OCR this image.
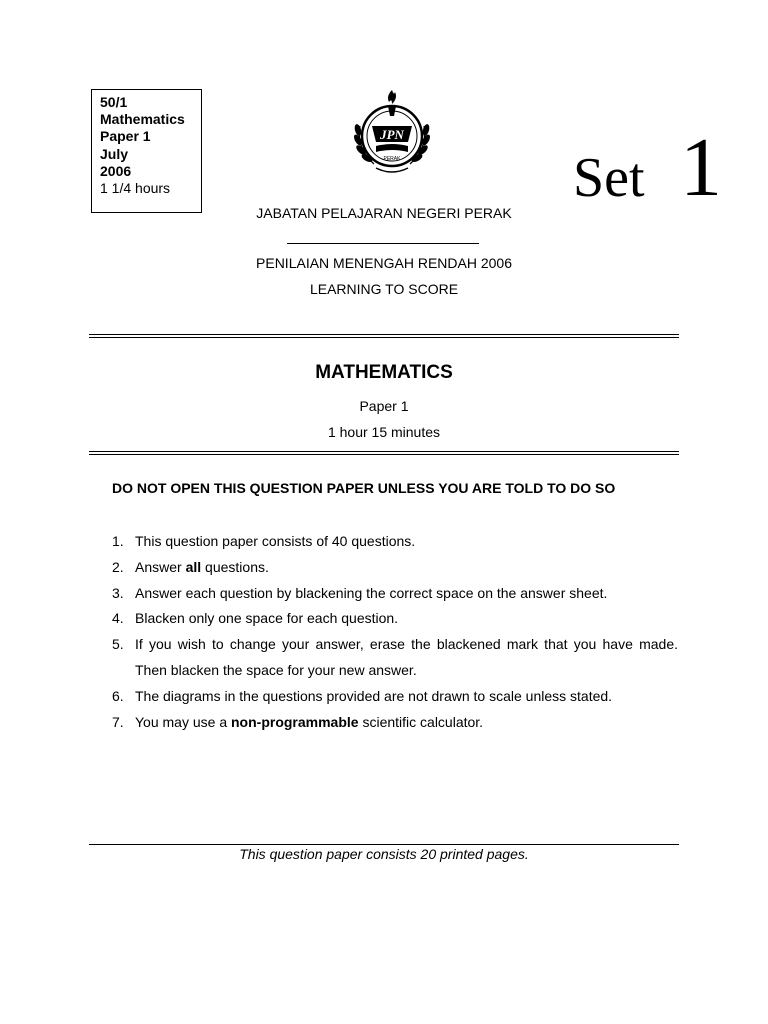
50/1
Mathematics
Paper 1
July
2006
1 1/4 hours
JPN
PERAK	Set 1
JABATAN PELAJARAN NEGERI PERAK
PENILAIAN MENENGAH RENDAH 2006
LEARNING TO SCORE
MATHEMATICS
Paper 1
1 hour 15 minutes
DO NOT OPEN THIS QUESTION PAPER UNLESS YOU ARE TOLD TO DO SO
1. This question paper consists of 40 questions.
2. Answer all questions.
3. Answer each question by blackening the correct space on the answer sheet.
4. Blacken only one space for each question.
5. If you wish to change your answer, erase the blackened mark that you have made. Then blacken the space for your new answer.
6. The diagrams in the questions provided are not drawn to scale unless stated.
7. You may use a non-programmable scientific calculator.
This question paper consists 20 printed pages.
